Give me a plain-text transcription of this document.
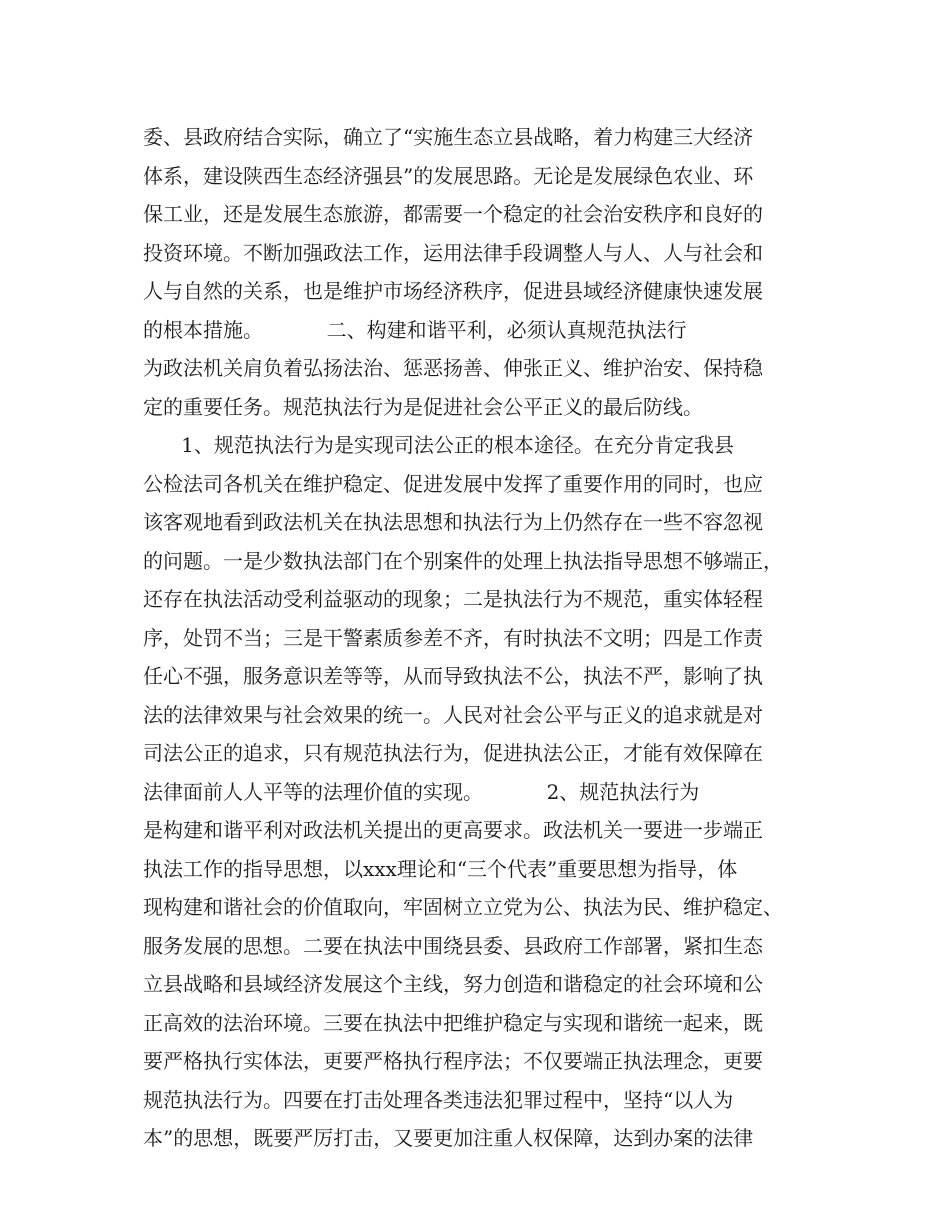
委、县政府结合实际，确立了“实施生态立县战略，着力构建三大经济
体系，建设陕西生态经济强县”的发展思路。无论是发展绿色农业、环
保工业，还是发展生态旅游，都需要一个稳定的社会治安秩序和良好的
投资环境。不断加强政法工作，运用法律手段调整人与人、人与社会和
人与自然的关系，也是维护市场经济秩序，促进县域经济健康快速发展
的根本措施。          二、构建和谐平利，必须认真规范执法行
为政法机关肩负着弘扬法治、惩恶扬善、伸张正义、维护治安、保持稳
定的重要任务。规范执法行为是促进社会公平正义的最后防线。
1、规范执法行为是实现司法公正的根本途径。在充分肯定我县
公检法司各机关在维护稳定、促进发展中发挥了重要作用的同时，也应
该客观地看到政法机关在执法思想和执法行为上仍然存在一些不容忽视
的问题。一是少数执法部门在个别案件的处理上执法指导思想不够端正，
还存在执法活动受利益驱动的现象；二是执法行为不规范，重实体轻程
序，处罚不当；三是干警素质参差不齐，有时执法不文明；四是工作责
任心不强，服务意识差等等，从而导致执法不公，执法不严，影响了执
法的法律效果与社会效果的统一。人民对社会公平与正义的追求就是对
司法公正的追求，只有规范执法行为，促进执法公正，才能有效保障在
法律面前人人平等的法理价值的实现。          2、规范执法行为
是构建和谐平利对政法机关提出的更高要求。政法机关一要进一步端正
执法工作的指导思想，以xxx理论和“三个代表”重要思想为指导，体
现构建和谐社会的价值取向，牢固树立立党为公、执法为民、维护稳定、
服务发展的思想。二要在执法中围绕县委、县政府工作部署，紧扣生态
立县战略和县域经济发展这个主线，努力创造和谐稳定的社会环境和公
正高效的法治环境。三要在执法中把维护稳定与实现和谐统一起来，既
要严格执行实体法，更要严格执行程序法；不仅要端正执法理念，更要
规范执法行为。四要在打击处理各类违法犯罪过程中，坚持“以人为
本”的思想，既要严厉打击，又要更加注重人权保障，达到办案的法律
